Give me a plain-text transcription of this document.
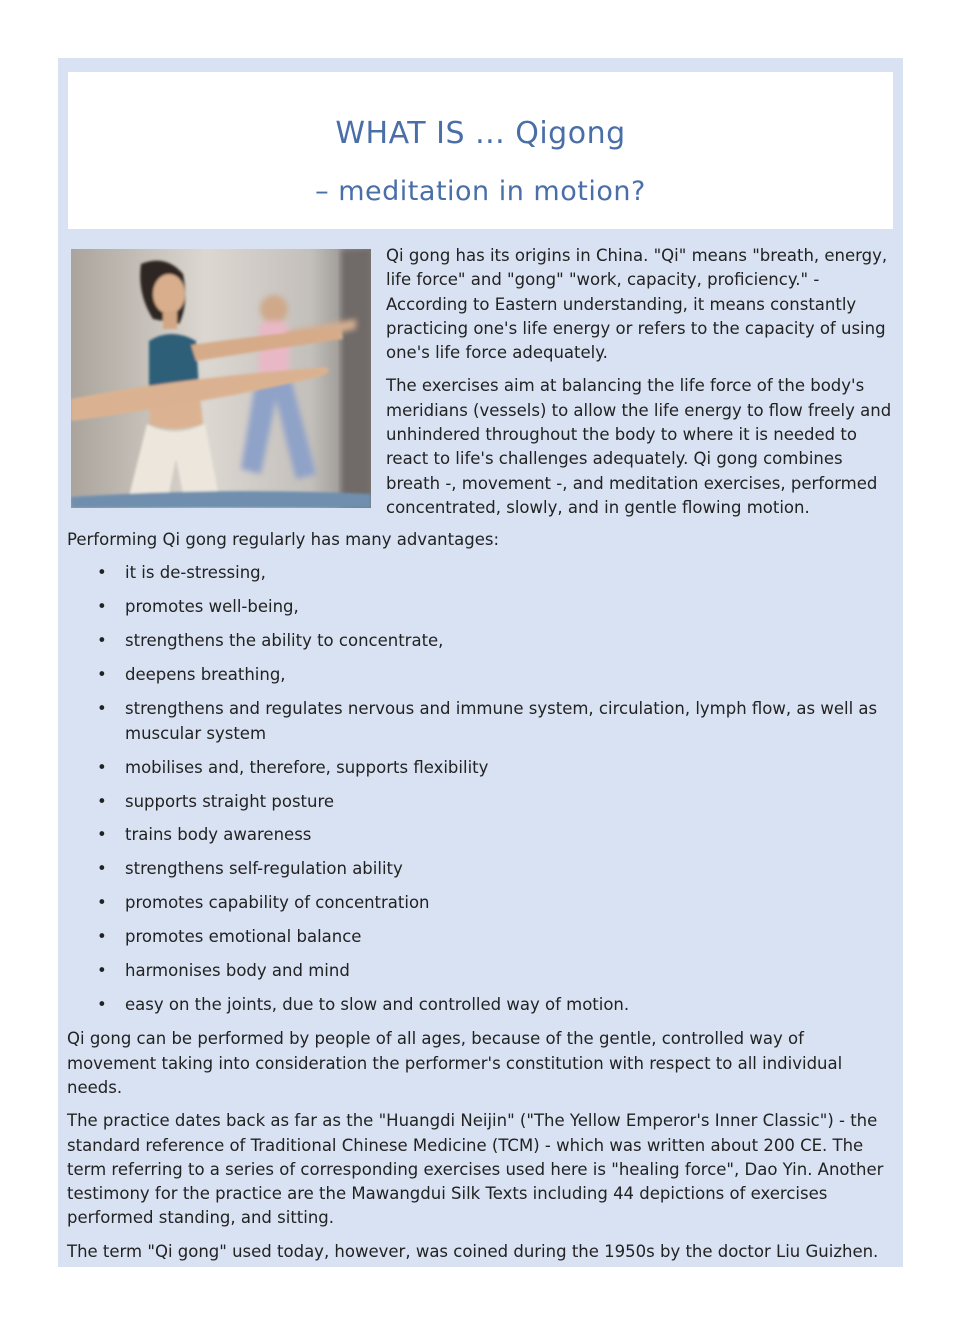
WHAT IS ... Qigong
– meditation in motion?

Qi gong has its origins in China. "Qi" means "breath, energy, life force" and "gong" "work, capacity, proficiency." - According to Eastern understanding, it means constantly practicing one's life energy or refers to the capacity of using one's life force adequately.

The exercises aim at balancing the life force of the body's meridians (vessels) to allow the life energy to flow freely and unhindered throughout the body to where it is needed to react to life's challenges adequately. Qi gong combines breath -, movement -, and meditation exercises, performed concentrated, slowly, and in gentle flowing motion.

Performing Qi gong regularly has many advantages:

• it is de-stressing,
• promotes well-being,
• strengthens the ability to concentrate,
• deepens breathing,
• strengthens and regulates nervous and immune system, circulation, lymph flow, as well as muscular system
• mobilises and, therefore, supports flexibility
• supports straight posture
• trains body awareness
• strengthens self-regulation ability
• promotes capability of concentration
• promotes emotional balance
• harmonises body and mind
• easy on the joints, due to slow and controlled way of motion.

Qi gong can be performed by people of all ages, because of the gentle, controlled way of movement taking into consideration the performer's constitution with respect to all individual needs.

The practice dates back as far as the "Huangdi Neijin" ("The Yellow Emperor's Inner Classic") - the standard reference of Traditional Chinese Medicine (TCM) - which was written about 200 CE. The term referring to a series of corresponding exercises used here is "healing force", Dao Yin. Another testimony for the practice are the Mawangdui Silk Texts including 44 depictions of exercises performed standing, and sitting.

The term "Qi gong" used today, however, was coined during the 1950s by the doctor Liu Guizhen.
